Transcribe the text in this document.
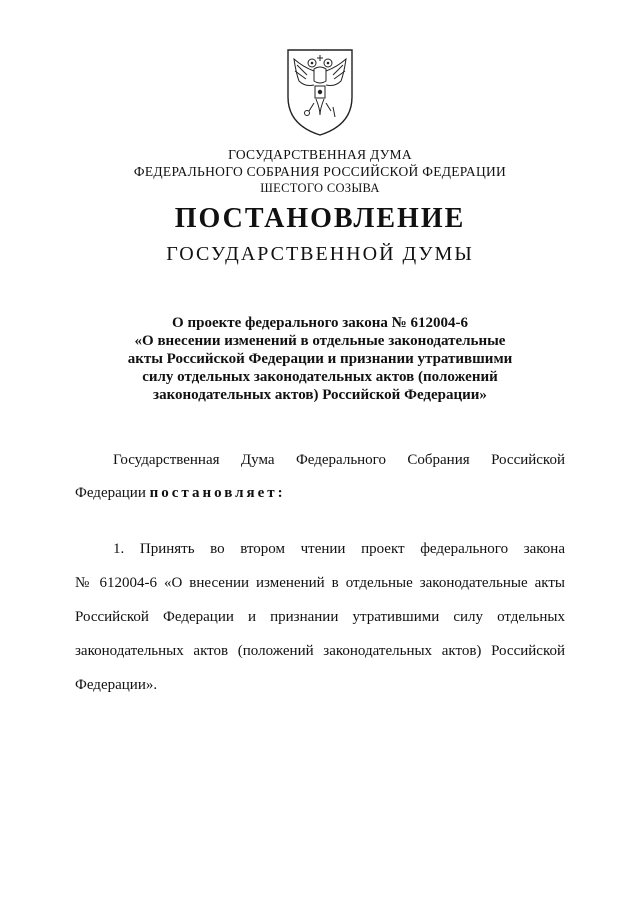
ГОСУДАРСТВЕННАЯ ДУМА
ФЕДЕРАЛЬНОГО СОБРАНИЯ РОССИЙСКОЙ ФЕДЕРАЦИИ
ШЕСТОГО СОЗЫВА
ПОСТАНОВЛЕНИЕ
ГОСУДАРСТВЕННОЙ ДУМЫ
О проекте федерального закона № 612004-6
«О внесении изменений в отдельные законодательные
акты Российской Федерации и признании утратившими
силу отдельных законодательных актов (положений
законодательных актов) Российской Федерации»
Государственная Дума Федерального Собрания Российской
Федерации постановляет:
1. Принять во втором чтении проект федерального закона
№ 612004-6 «О внесении изменений в отдельные законодательные акты
Российской Федерации и признании утратившими силу отдельных
законодательных актов (положений законодательных актов) Российской
Федерации».
